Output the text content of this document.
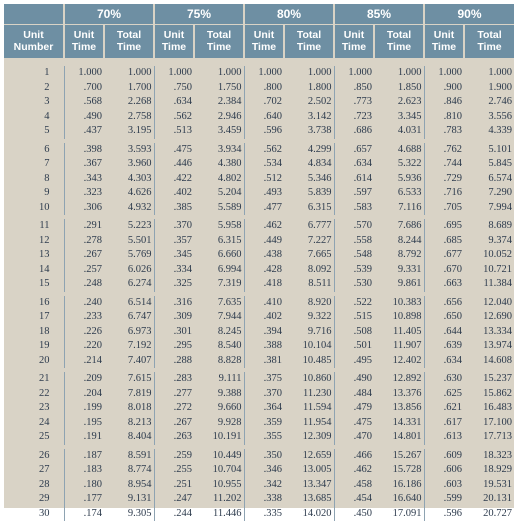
	70%		75%		80%		85%		90%	
Unit Number	Unit Time	Total Time	Unit Time	Total Time	Unit Time	Total Time	Unit Time	Total Time	Unit Time	Total Time

1	1.000	1.000	1.000	1.000	1.000	1.000	1.000	1.000	1.000	1.000
2	.700	1.700	.750	1.750	.800	1.800	.850	1.850	.900	1.900
3	.568	2.268	.634	2.384	.702	2.502	.773	2.623	.846	2.746
4	.490	2.758	.562	2.946	.640	3.142	.723	3.345	.810	3.556
5	.437	3.195	.513	3.459	.596	3.738	.686	4.031	.783	4.339

6	.398	3.593	.475	3.934	.562	4.299	.657	4.688	.762	5.101
7	.367	3.960	.446	4.380	.534	4.834	.634	5.322	.744	5.845
8	.343	4.303	.422	4.802	.512	5.346	.614	5.936	.729	6.574
9	.323	4.626	.402	5.204	.493	5.839	.597	6.533	.716	7.290
10	.306	4.932	.385	5.589	.477	6.315	.583	7.116	.705	7.994

11	.291	5.223	.370	5.958	.462	6.777	.570	7.686	.695	8.689
12	.278	5.501	.357	6.315	.449	7.227	.558	8.244	.685	9.374
13	.267	5.769	.345	6.660	.438	7.665	.548	8.792	.677	10.052
14	.257	6.026	.334	6.994	.428	8.092	.539	9.331	.670	10.721
15	.248	6.274	.325	7.319	.418	8.511	.530	9.861	.663	11.384

16	.240	6.514	.316	7.635	.410	8.920	.522	10.383	.656	12.040
17	.233	6.747	.309	7.944	.402	9.322	.515	10.898	.650	12.690
18	.226	6.973	.301	8.245	.394	9.716	.508	11.405	.644	13.334
19	.220	7.192	.295	8.540	.388	10.104	.501	11.907	.639	13.974
20	.214	7.407	.288	8.828	.381	10.485	.495	12.402	.634	14.608

21	.209	7.615	.283	9.111	.375	10.860	.490	12.892	.630	15.237
22	.204	7.819	.277	9.388	.370	11.230	.484	13.376	.625	15.862
23	.199	8.018	.272	9.660	.364	11.594	.479	13.856	.621	16.483
24	.195	8.213	.267	9.928	.359	11.954	.475	14.331	.617	17.100
25	.191	8.404	.263	10.191	.355	12.309	.470	14.801	.613	17.713

26	.187	8.591	.259	10.449	.350	12.659	.466	15.267	.609	18.323
27	.183	8.774	.255	10.704	.346	13.005	.462	15.728	.606	18.929
28	.180	8.954	.251	10.955	.342	13.347	.458	16.186	.603	19.531
29	.177	9.131	.247	11.202	.338	13.685	.454	16.640	.599	20.131
30	.174	9.305	.244	11.446	.335	14.020	.450	17.091	.596	20.727
